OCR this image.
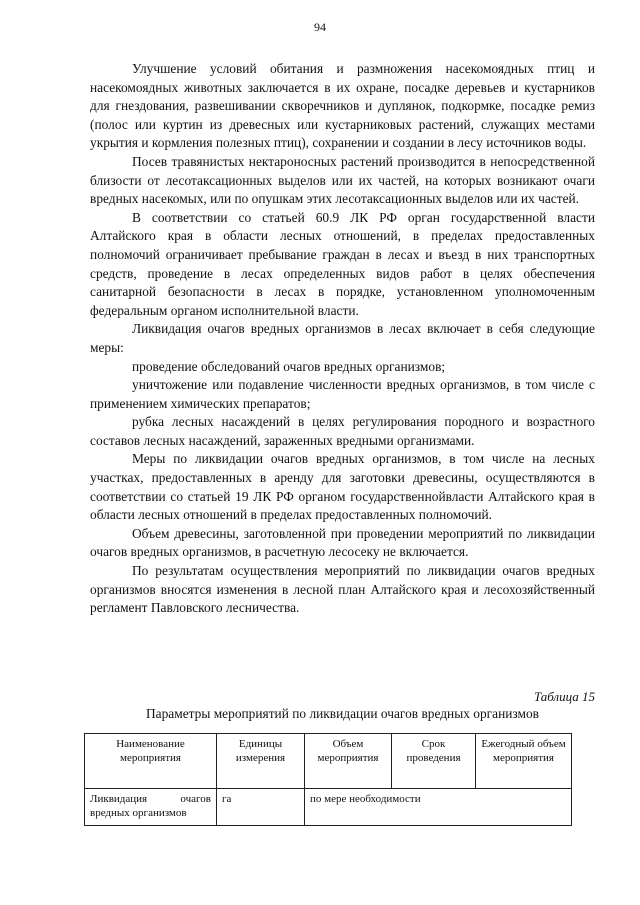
94

Улучшение условий обитания и размножения насекомоядных птиц и насекомоядных животных заключается в их охране, посадке деревьев и кустарников для гнездования, развешивании скворечников и дуплянок, подкормке, посадке ремиз (полос или куртин из древесных или кустарниковых растений, служащих местами укрытия и кормления полезных птиц), сохранении и создании в лесу источников воды.

Посев травянистых нектароносных растений производится в непосредственной близости от лесотаксационных выделов или их частей, на которых возникают очаги вредных насекомых, или по опушкам этих лесотаксационных выделов или их частей.

В соответствии со статьей 60.9 ЛК РФ орган государственной власти Алтайского края в области лесных отношений, в пределах предоставленных полномочий ограничивает пребывание граждан в лесах и въезд в них транспортных средств, проведение в лесах определенных видов работ в целях обеспечения санитарной безопасности в лесах в порядке, установленном уполномоченным федеральным органом исполнительной власти.

Ликвидация очагов вредных организмов в лесах включает в себя следующие меры:

проведение обследований очагов вредных организмов;

уничтожение или подавление численности вредных организмов, в том числе с применением химических препаратов;

рубка лесных насаждений в целях регулирования породного и возрастного составов лесных насаждений, зараженных вредными организмами.

Меры по ликвидации очагов вредных организмов, в том числе на лесных участках, предоставленных в аренду для заготовки древесины, осуществляются в соответствии со статьей 19 ЛК РФ органом государственнойвласти Алтайского края в области лесных отношений в пределах предоставленных полномочий.

Объем древесины, заготовленной при проведении мероприятий по ликвидации очагов вредных организмов, в расчетную лесосеку не включается.

По результатам осуществления мероприятий по ликвидации очагов вредных организмов вносятся изменения в лесной план Алтайского края и лесохозяйственный регламент Павловского лесничества.

Таблица 15
Параметры мероприятий по ликвидации очагов вредных организмов
Наименование мероприятия	Единицы измерения	Объем мероприятия	Срок проведения	Ежегодный объем мероприятия
Ликвидация очагов вредных организмов	га	по мере необходимости		
